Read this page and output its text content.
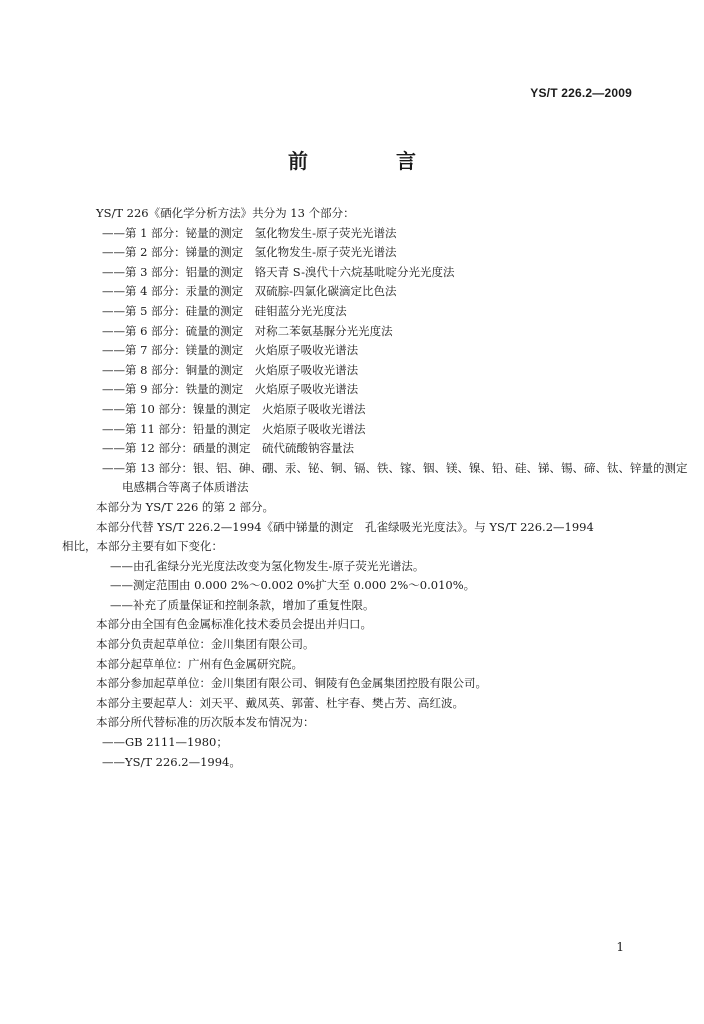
YS/T 226.2—2009
前　言
YS/T 226《硒化学分析方法》共分为 13 个部分：
——第 1 部分：铋量的测定　氢化物发生-原子荧光光谱法
——第 2 部分：锑量的测定　氢化物发生-原子荧光光谱法
——第 3 部分：铝量的测定　铬天青 S-溴代十六烷基吡啶分光光度法
——第 4 部分：汞量的测定　双硫腙-四氯化碳滴定比色法
——第 5 部分：硅量的测定　硅钼蓝分光光度法
——第 6 部分：硫量的测定　对称二苯氨基脲分光光度法
——第 7 部分：镁量的测定　火焰原子吸收光谱法
——第 8 部分：铜量的测定　火焰原子吸收光谱法
——第 9 部分：铁量的测定　火焰原子吸收光谱法
——第 10 部分：镍量的测定　火焰原子吸收光谱法
——第 11 部分：铅量的测定　火焰原子吸收光谱法
——第 12 部分：硒量的测定　硫代硫酸钠容量法
——第 13 部分：银、铝、砷、硼、汞、铋、铜、镉、铁、镓、铟、镁、镍、铅、硅、锑、锡、碲、钛、锌量的测定
电感耦合等离子体质谱法
本部分为 YS/T 226 的第 2 部分。
本部分代替 YS/T 226.2—1994《硒中锑量的测定　孔雀绿吸光光度法》。与 YS/T 226.2—1994
相比，本部分主要有如下变化：
——由孔雀绿分光光度法改变为氢化物发生-原子荧光光谱法。
——测定范围由 0.000 2%～0.002 0%扩大至 0.000 2%～0.010%。
——补充了质量保证和控制条款，增加了重复性限。
本部分由全国有色金属标准化技术委员会提出并归口。
本部分负责起草单位：金川集团有限公司。
本部分起草单位：广州有色金属研究院。
本部分参加起草单位：金川集团有限公司、铜陵有色金属集团控股有限公司。
本部分主要起草人：刘天平、戴凤英、郭蕾、杜宇春、樊占芳、高红波。
本部分所代替标准的历次版本发布情况为：
——GB 2111—1980；
——YS/T 226.2—1994。
1
